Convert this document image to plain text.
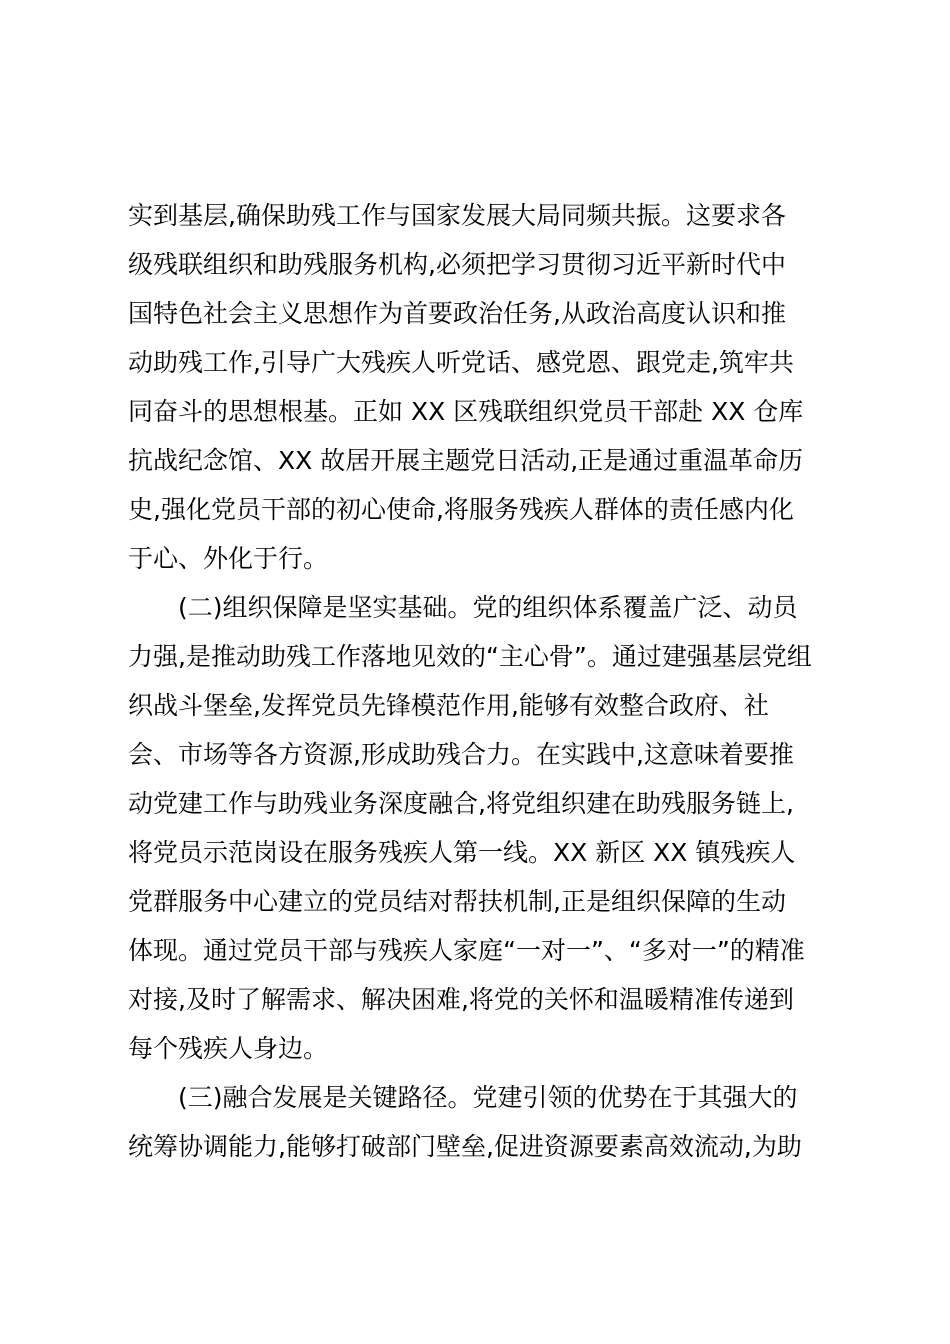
实到基层,确保助残工作与国家发展大局同频共振。这要求各
级残联组织和助残服务机构,必须把学习贯彻习近平新时代中
国特色社会主义思想作为首要政治任务,从政治高度认识和推
动助残工作,引导广大残疾人听党话、感党恩、跟党走,筑牢共
同奋斗的思想根基。正如 XX 区残联组织党员干部赴 XX 仓库
抗战纪念馆、XX 故居开展主题党日活动,正是通过重温革命历
史,强化党员干部的初心使命,将服务残疾人群体的责任感内化
于心、外化于行。
(二)组织保障是坚实基础。党的组织体系覆盖广泛、动员
力强,是推动助残工作落地见效的“主心骨”。通过建强基层党组
织战斗堡垒,发挥党员先锋模范作用,能够有效整合政府、社
会、市场等各方资源,形成助残合力。在实践中,这意味着要推
动党建工作与助残业务深度融合,将党组织建在助残服务链上,
将党员示范岗设在服务残疾人第一线。XX 新区 XX 镇残疾人
党群服务中心建立的党员结对帮扶机制,正是组织保障的生动
体现。通过党员干部与残疾人家庭“一对一”、“多对一”的精准
对接,及时了解需求、解决困难,将党的关怀和温暖精准传递到
每个残疾人身边。
(三)融合发展是关键路径。党建引领的优势在于其强大的
统筹协调能力,能够打破部门壁垒,促进资源要素高效流动,为助
